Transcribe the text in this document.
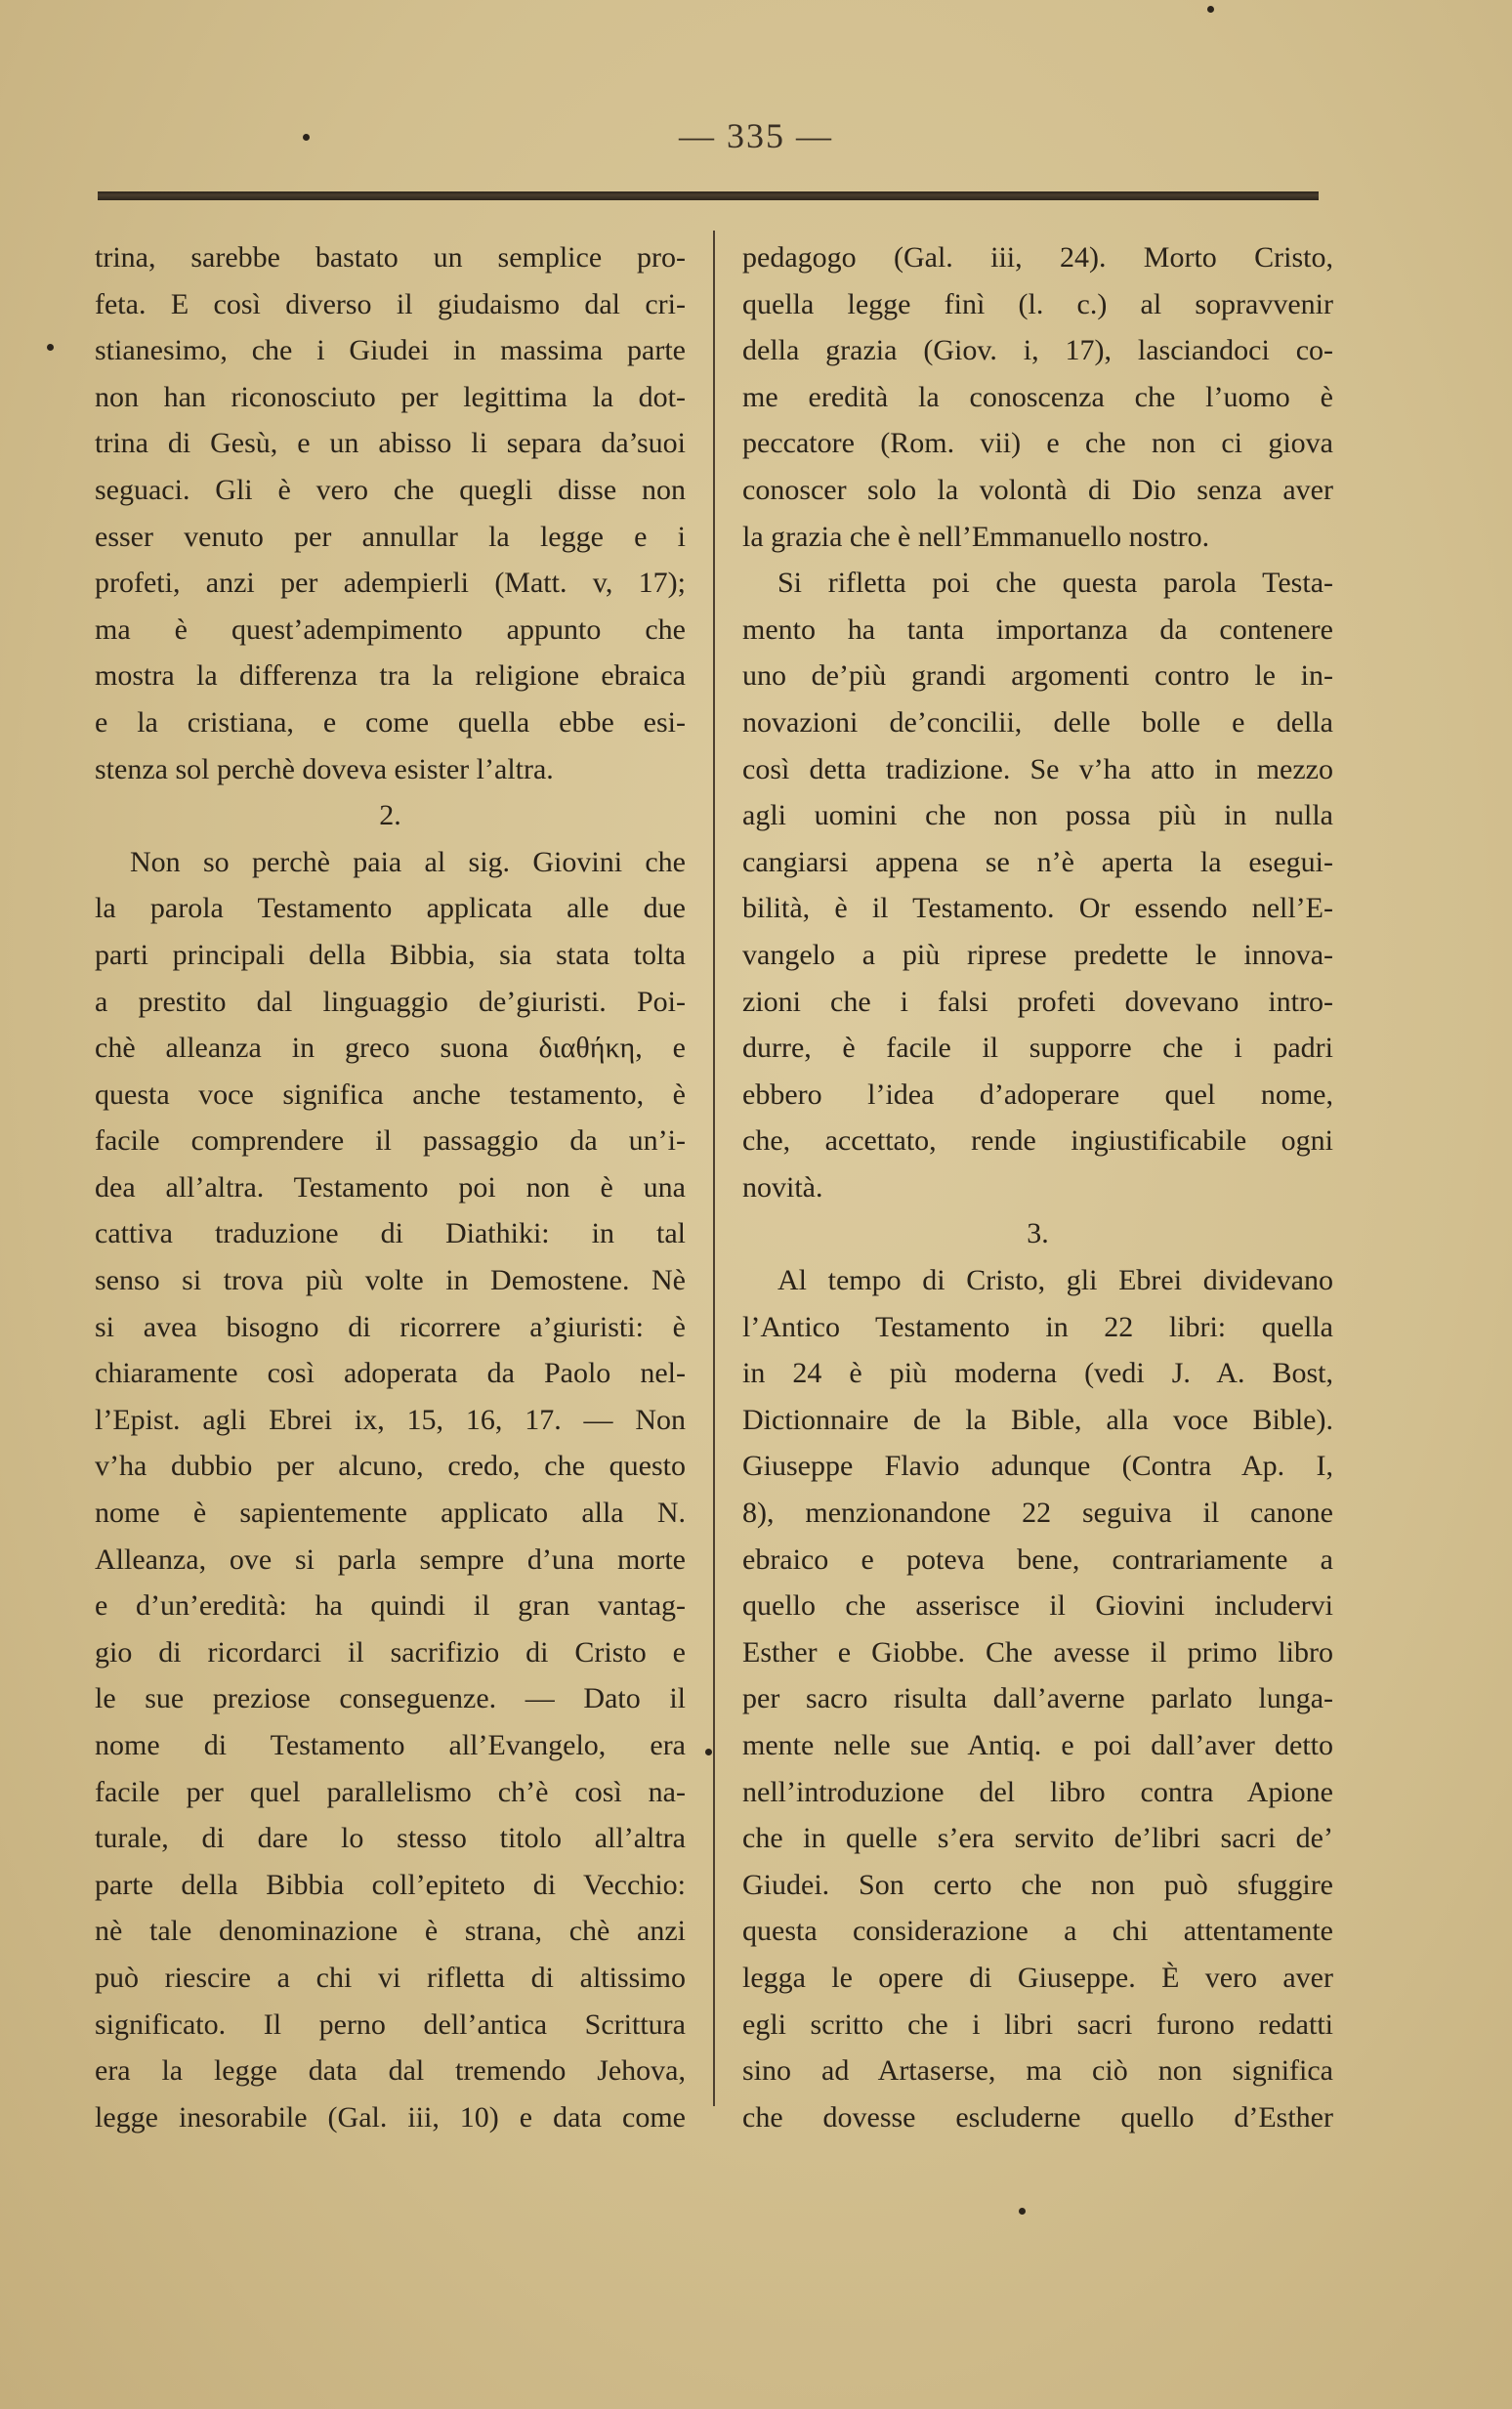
— 335 —
trina, sarebbe bastato un semplice pro-
feta. E così diverso il giudaismo dal cri-
stianesimo, che i Giudei in massima parte
non han riconosciuto per legittima la dot-
trina di Gesù, e un abisso li separa da’suoi
seguaci. Gli è vero che quegli disse non
esser venuto per annullar la legge e i
profeti, anzi per adempierli (Matt. v, 17);
ma è quest’adempimento appunto che
mostra la differenza tra la religione ebraica
e la cristiana, e come quella ebbe esi-
stenza sol perchè doveva esister l’altra.
2.
Non so perchè paia al sig. Giovini che
la parola Testamento applicata alle due
parti principali della Bibbia, sia stata tolta
a prestito dal linguaggio de’giuristi. Poi-
chè alleanza in greco suona διαθήκη, e
questa voce significa anche testamento, è
facile comprendere il passaggio da un’i-
dea all’altra. Testamento poi non è una
cattiva traduzione di Diathiki: in tal
senso si trova più volte in Demostene. Nè
si avea bisogno di ricorrere a’giuristi: è
chiaramente così adoperata da Paolo nel-
l’Epist. agli Ebrei ix, 15, 16, 17. — Non
v’ha dubbio per alcuno, credo, che questo
nome è sapientemente applicato alla N.
Alleanza, ove si parla sempre d’una morte
e d’un’eredità: ha quindi il gran vantag-
gio di ricordarci il sacrifizio di Cristo e
le sue preziose conseguenze. — Dato il
nome di Testamento all’Evangelo, era
facile per quel parallelismo ch’è così na-
turale, di dare lo stesso titolo all’altra
parte della Bibbia coll’epiteto di Vecchio:
nè tale denominazione è strana, chè anzi
può riescire a chi vi rifletta di altissimo
significato. Il perno dell’antica Scrittura
era la legge data dal tremendo Jehova,
legge inesorabile (Gal. iii, 10) e data come
pedagogo (Gal. iii, 24). Morto Cristo,
quella legge finì (l. c.) al sopravvenir
della grazia (Giov. i, 17), lasciandoci co-
me eredità la conoscenza che l’uomo è
peccatore (Rom. vii) e che non ci giova
conoscer solo la volontà di Dio senza aver
la grazia che è nell’Emmanuello nostro.
Si rifletta poi che questa parola Testa-
mento ha tanta importanza da contenere
uno de’più grandi argomenti contro le in-
novazioni de’concilii, delle bolle e della
così detta tradizione. Se v’ha atto in mezzo
agli uomini che non possa più in nulla
cangiarsi appena se n’è aperta la esegui-
bilità, è il Testamento. Or essendo nell’E-
vangelo a più riprese predette le innova-
zioni che i falsi profeti dovevano intro-
durre, è facile il supporre che i padri
ebbero l’idea d’adoperare quel nome,
che, accettato, rende ingiustificabile ogni
novità.
3.
Al tempo di Cristo, gli Ebrei dividevano
l’Antico Testamento in 22 libri: quella
in 24 è più moderna (vedi J. A. Bost,
Dictionnaire de la Bible, alla voce Bible).
Giuseppe Flavio adunque (Contra Ap. I,
8), menzionandone 22 seguiva il canone
ebraico e poteva bene, contrariamente a
quello che asserisce il Giovini includervi
Esther e Giobbe. Che avesse il primo libro
per sacro risulta dall’averne parlato lunga-
mente nelle sue Antiq. e poi dall’aver detto
nell’introduzione del libro contra Apione
che in quelle s’era servito de’libri sacri de’
Giudei. Son certo che non può sfuggire
questa considerazione a chi attentamente
legga le opere di Giuseppe. È vero aver
egli scritto che i libri sacri furono redatti
sino ad Artaserse, ma ciò non significa
che dovesse escluderne quello d’Esther
